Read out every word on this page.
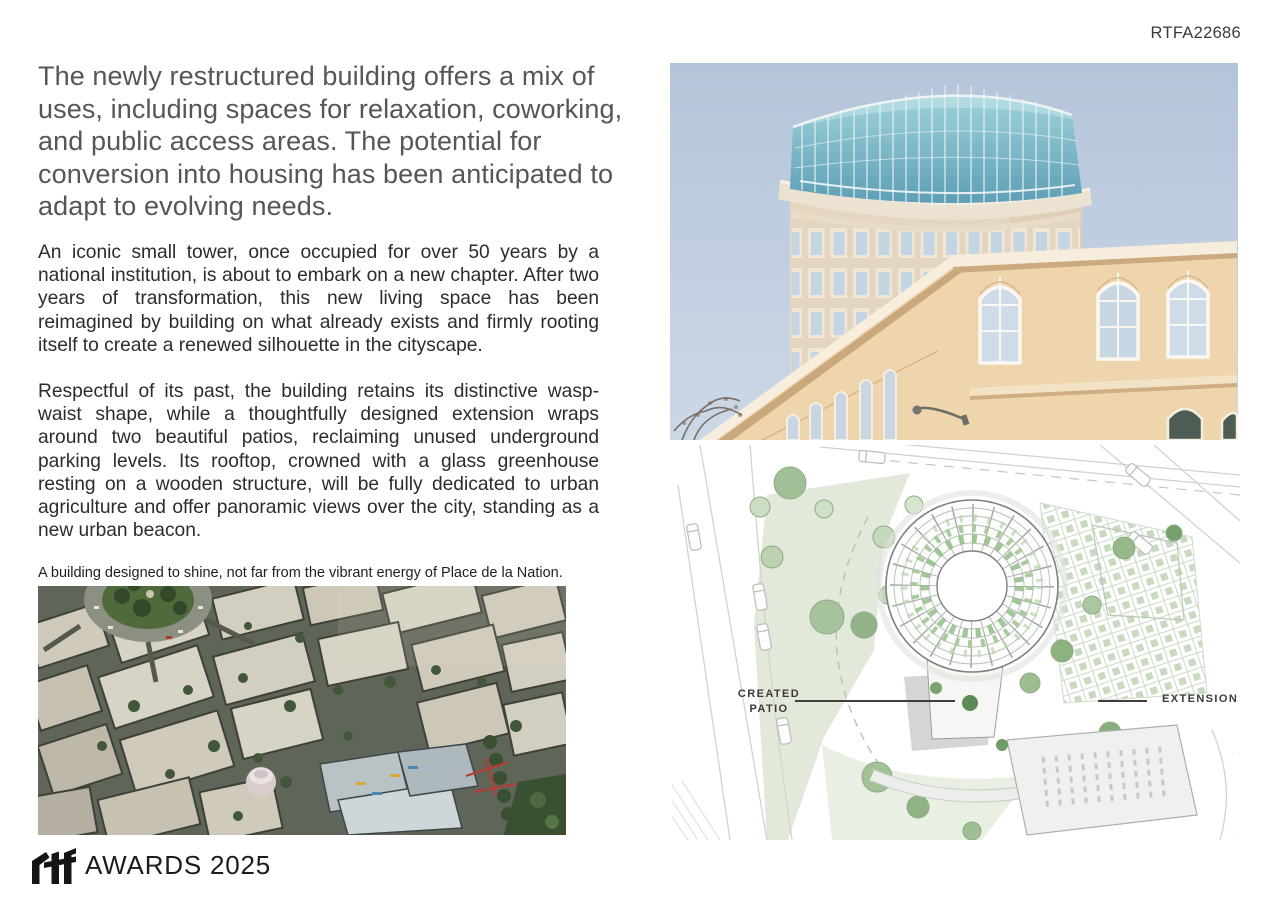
RTFA22686
The newly restructured building offers a mix of uses, including spaces for relaxation, coworking, and public access areas. The potential for conversion into housing has been anticipated to adapt to evolving needs.
An iconic small tower, once occupied for over 50 years by a national institution, is about to embark on a new chapter. After two years of transformation, this new living space has been reimagined by building on what already exists and firmly rooting itself to create a renewed silhouette in the cityscape.
Respectful of its past, the building retains its distinctive wasp-waist shape, while a thoughtfully designed extension wraps around two beautiful patios, reclaiming unused underground parking levels. Its rooftop, crowned with a glass greenhouse resting on a wooden structure, will be fully dedicated to urban agriculture and offer panoramic views over the city, standing as a new urban beacon.
A building designed to shine, not far from the vibrant energy of Place de la Nation.
CREATED
PATIO
EXTENSION
AWARDS 2025
